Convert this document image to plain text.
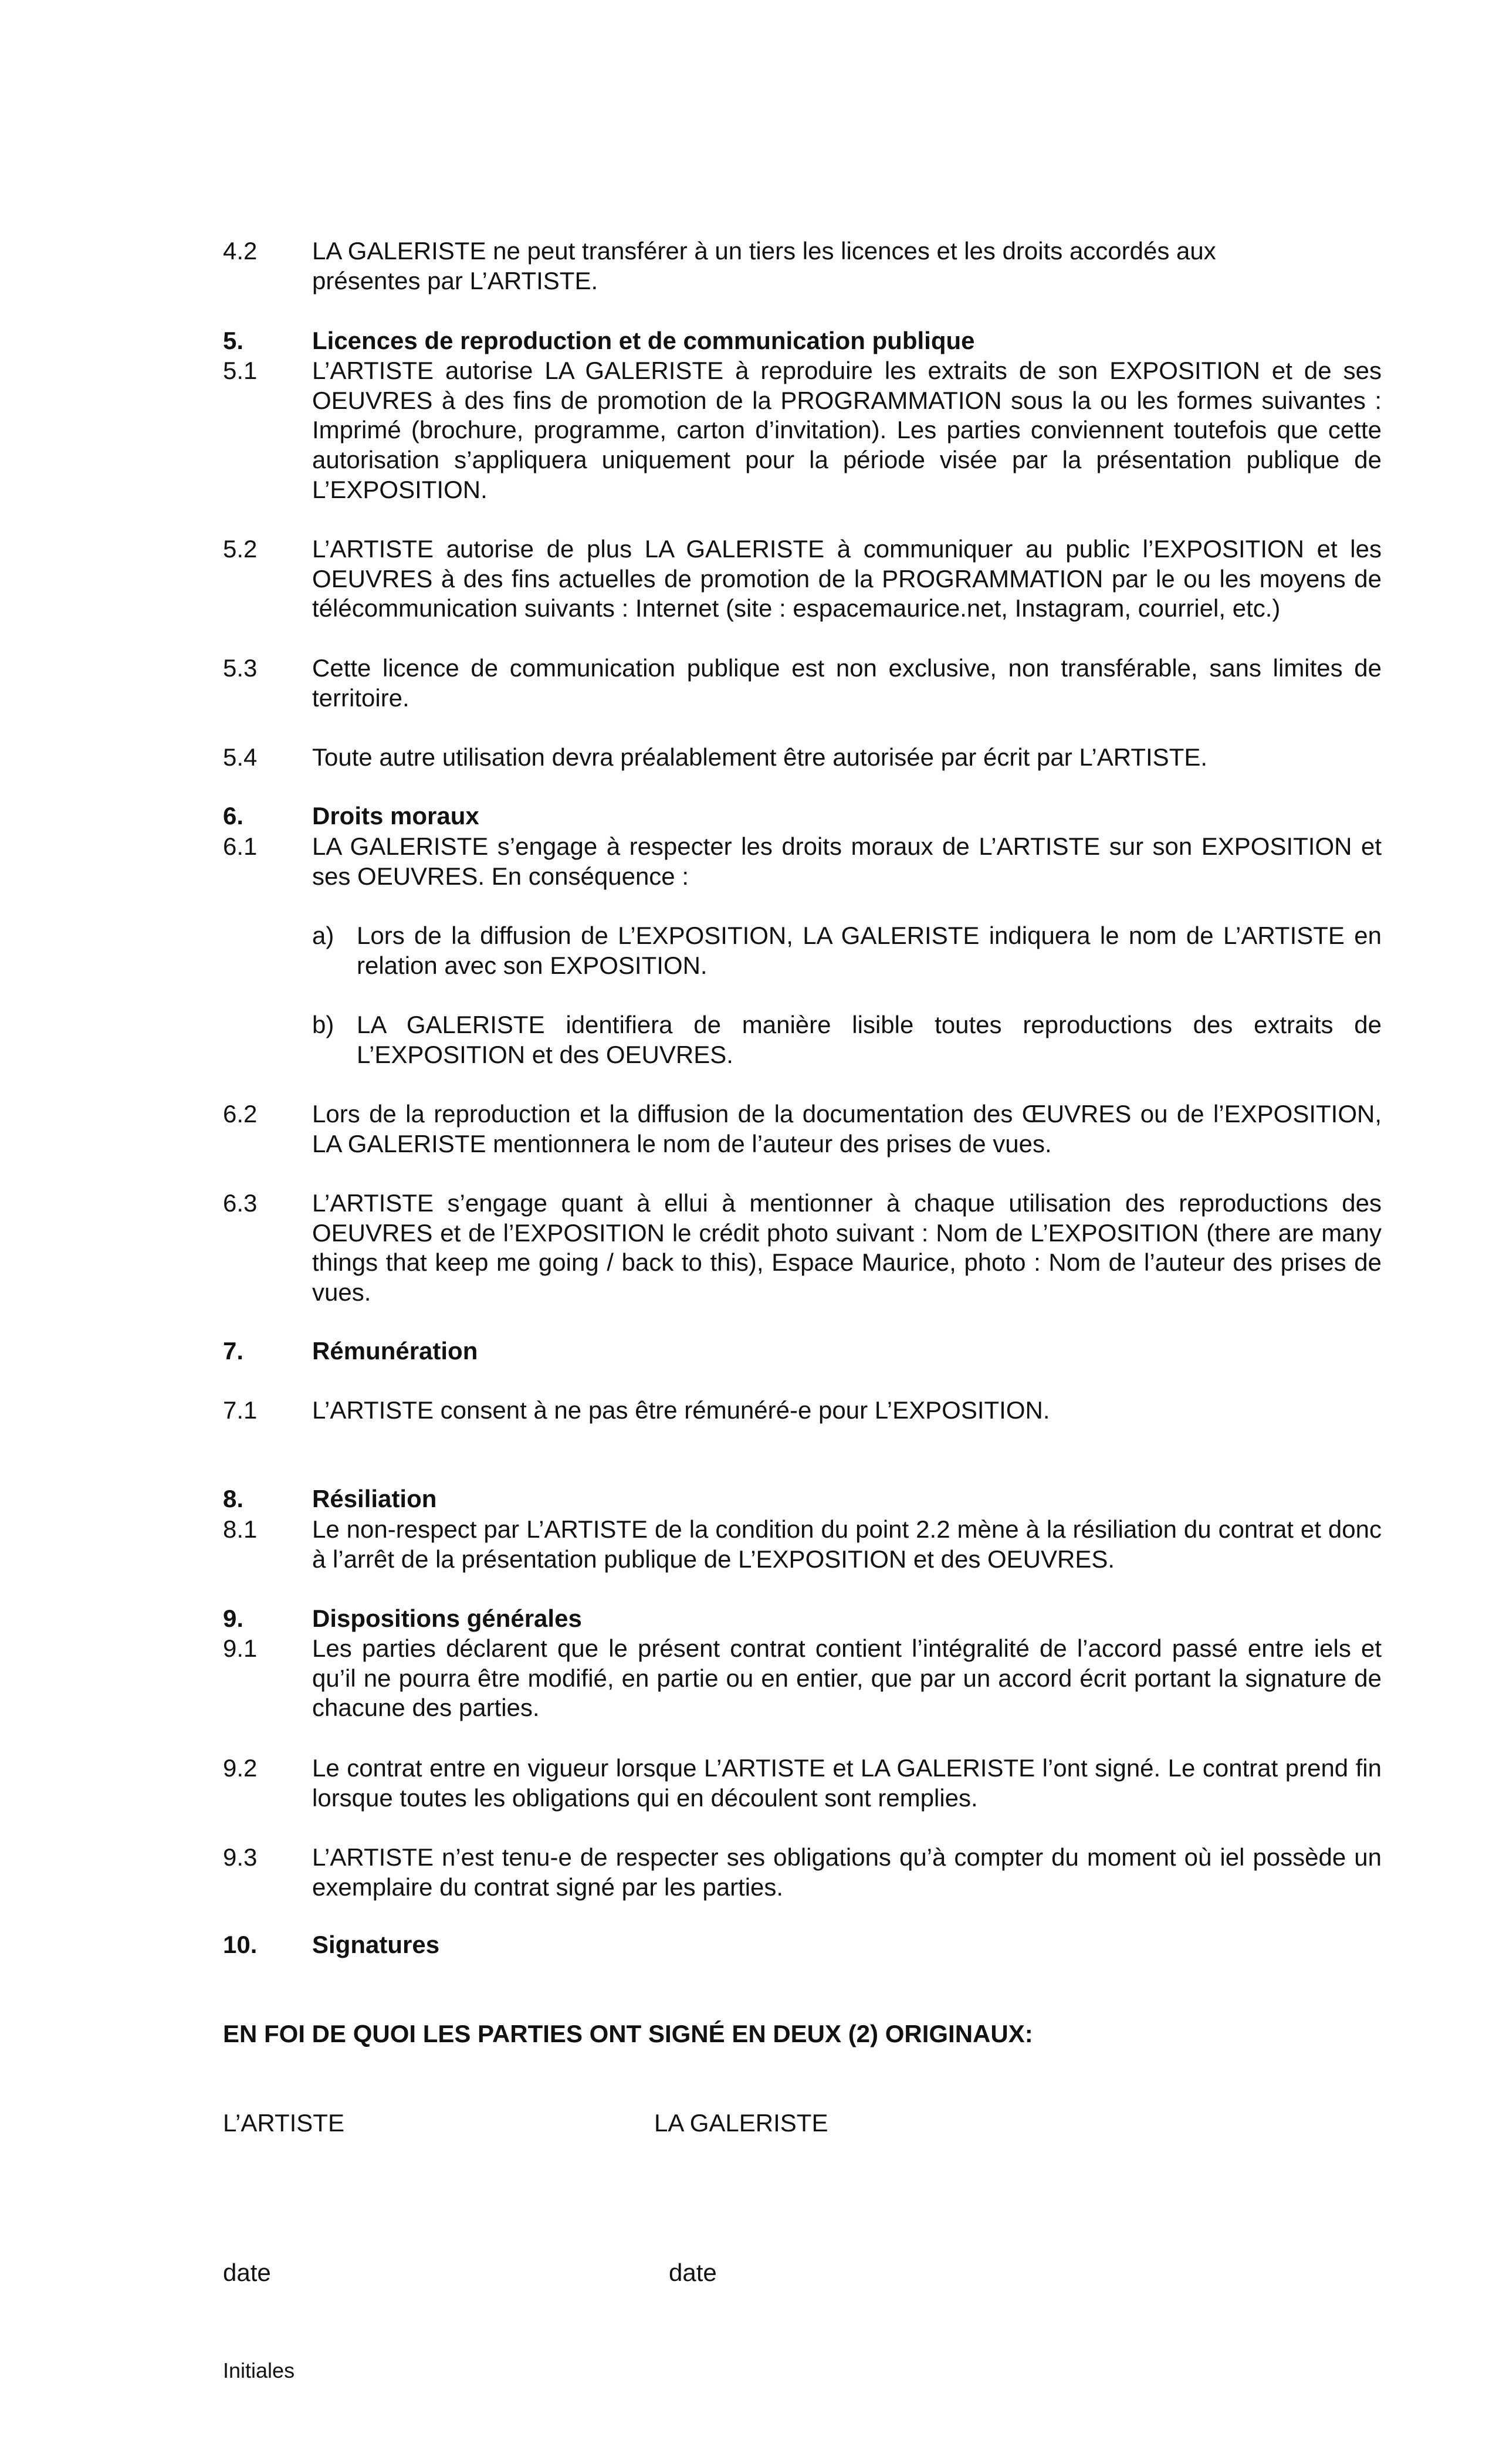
4.2	LA GALERISTE ne peut transférer à un tiers les licences et les droits accordés aux
présentes par L’ARTISTE.
5.	Licences de reproduction et de communication publique
5.1	L’ARTISTE autorise LA GALERISTE à reproduire les extraits de son EXPOSITION et de ses OEUVRES à des fins de promotion de la PROGRAMMATION sous la ou les formes suivantes : Imprimé (brochure, programme, carton d’invitation). Les parties conviennent toutefois que cette autorisation s’appliquera uniquement pour la période visée par la présentation publique de L’EXPOSITION.
5.2	L’ARTISTE autorise de plus LA GALERISTE à communiquer au public l’EXPOSITION et les OEUVRES à des fins actuelles de promotion de la PROGRAMMATION par le ou les moyens de télécommunication suivants : Internet (site : espacemaurice.net, Instagram, courriel, etc.)
5.3	Cette licence de communication publique est non exclusive, non transférable, sans limites de territoire.
5.4	Toute autre utilisation devra préalablement être autorisée par écrit par L’ARTISTE.
6.	Droits moraux
6.1	LA GALERISTE s’engage à respecter les droits moraux de L’ARTISTE sur son EXPOSITION et ses OEUVRES. En conséquence :
a) Lors de la diffusion de L’EXPOSITION, LA GALERISTE indiquera le nom de L’ARTISTE en relation avec son EXPOSITION.
b) LA GALERISTE identifiera de manière lisible toutes reproductions des extraits de L’EXPOSITION et des OEUVRES.
6.2	Lors de la reproduction et la diffusion de la documentation des ŒUVRES ou de l’EXPOSITION, LA GALERISTE mentionnera le nom de l’auteur des prises de vues.
6.3	L’ARTISTE s’engage quant à ellui à mentionner à chaque utilisation des reproductions des OEUVRES et de l’EXPOSITION le crédit photo suivant : Nom de L’EXPOSITION (there are many things that keep me going / back to this), Espace Maurice, photo : Nom de l’auteur des prises de vues.
7.	Rémunération
7.1	L’ARTISTE consent à ne pas être rémunéré-e pour L’EXPOSITION.
8.	Résiliation
8.1	Le non-respect par L’ARTISTE de la condition du point 2.2 mène à la résiliation du contrat et donc à l’arrêt de la présentation publique de L’EXPOSITION et des OEUVRES.
9.	Dispositions générales
9.1	Les parties déclarent que le présent contrat contient l’intégralité de l’accord passé entre iels et qu’il ne pourra être modifié, en partie ou en entier, que par un accord écrit portant la signature de chacune des parties.
9.2	Le contrat entre en vigueur lorsque L’ARTISTE et LA GALERISTE l’ont signé. Le contrat prend fin lorsque toutes les obligations qui en découlent sont remplies.
9.3	L’ARTISTE n’est tenu-e de respecter ses obligations qu’à compter du moment où iel possède un exemplaire du contrat signé par les parties.
10.	Signatures
EN FOI DE QUOI LES PARTIES ONT SIGNÉ EN DEUX (2) ORIGINAUX:
L’ARTISTE	LA GALERISTE
date	date
Initiales
